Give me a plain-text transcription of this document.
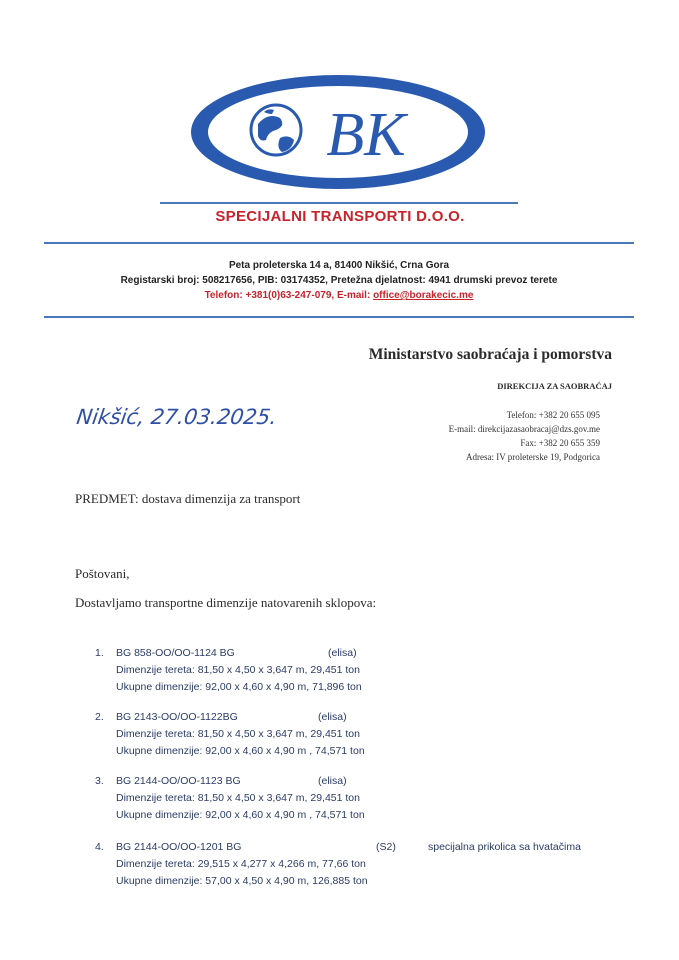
BK
SPECIJALNI TRANSPORTI D.O.O.
Peta proleterska 14 a, 81400 Nikšić, Crna Gora
Registarski broj: 508217656, PIB: 03174352, Pretežna djelatnost: 4941 drumski prevoz terete
Telefon: +381(0)63-247-079, E-mail: office@borakecic.me
Ministarstvo saobraćaja i pomorstva
DIREKCIJA ZA SAOBRAĆAJ
Telefon: +382 20 655 095
E-mail: direkcijazasaobracaj@dzs.gov.me
Fax: +382 20 655 359
Adresa: IV proleterske 19, Podgorica
Nikšić, 27.03.2025.
PREDMET: dostava dimenzija za transport
Poštovani,
Dostavljamo transportne dimenzije natovarenih sklopova:
1. BG 858-OO/OO-1124 BG	(elisa)
Dimenzije tereta: 81,50 x 4,50 x 3,647 m, 29,451 ton
Ukupne dimenzije: 92,00 x 4,60 x 4,90 m, 71,896 ton
2. BG 2143-OO/OO-1122BG	(elisa)
Dimenzije tereta: 81,50 x 4,50 x 3,647 m, 29,451 ton
Ukupne dimenzije: 92,00 x 4,60 x 4,90 m , 74,571 ton
3. BG 2144-OO/OO-1123 BG	(elisa)
Dimenzije tereta: 81,50 x 4,50 x 3,647 m, 29,451 ton
Ukupne dimenzije: 92,00 x 4,60 x 4,90 m , 74,571 ton
4. BG 2144-OO/OO-1201 BG	(S2)	specijalna prikolica sa hvatačima
Dimenzije tereta: 29,515 x 4,277 x 4,266 m, 77,66 ton
Ukupne dimenzije: 57,00 x 4,50 x 4,90 m, 126,885 ton
